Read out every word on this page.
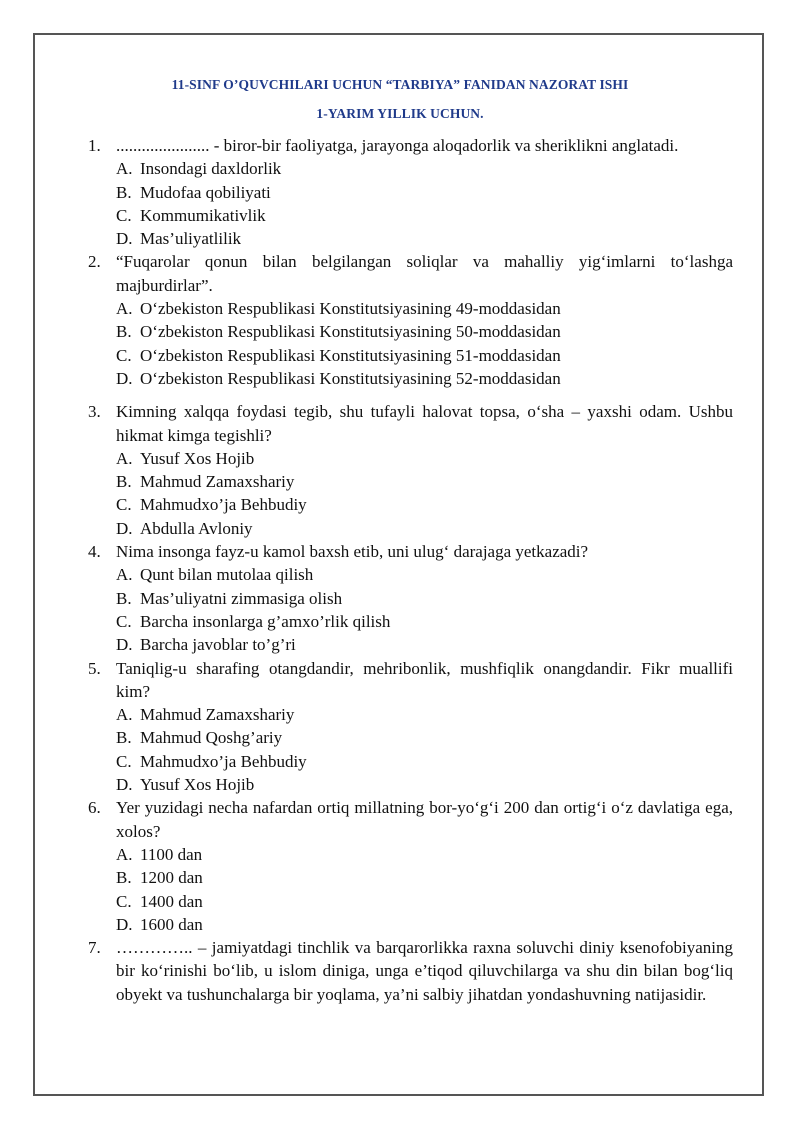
11-SINF O’QUVCHILARI UCHUN “TARBIYA” FANIDAN NAZORAT ISHI
1-YARIM YILLIK UCHUN.
1. ...................... - biror-bir faoliyatga, jarayonga aloqadorlik va sheriklikni anglatadi.
A. Insondagi daxldorlik
B. Mudofaa qobiliyati
C. Kommumikativlik
D. Mas’uliyatlilik
2. “Fuqarolar qonun bilan belgilangan soliqlar va mahalliy yig‘imlarni to‘lashga majburdirlar”.
A. O‘zbekiston Respublikasi Konstitutsiyasining 49-moddasidan
B. O‘zbekiston Respublikasi Konstitutsiyasining 50-moddasidan
C. O‘zbekiston Respublikasi Konstitutsiyasining 51-moddasidan
D. O‘zbekiston Respublikasi Konstitutsiyasining 52-moddasidan
3. Kimning xalqqa foydasi tegib, shu tufayli halovat topsa, o‘sha – yaxshi odam. Ushbu hikmat kimga tegishli?
A. Yusuf Xos Hojib
B. Mahmud Zamaxshariy
C. Mahmudxo’ja Behbudiy
D. Abdulla Avloniy
4. Nima insonga fayz-u kamol baxsh etib, uni ulug‘ darajaga yetkazadi?
A. Qunt bilan mutolaa qilish
B. Mas’uliyatni zimmasiga olish
C. Barcha insonlarga g’amxo’rlik qilish
D. Barcha javoblar to’g’ri
5. Taniqlig-u sharafing otangdandir, mehribonlik, mushfiqlik onangdandir. Fikr muallifi kim?
A. Mahmud Zamaxshariy
B. Mahmud Qoshg’ariy
C. Mahmudxo’ja Behbudiy
D. Yusuf Xos Hojib
6. Yer yuzidagi necha nafardan ortiq millatning bor-yo‘g‘i 200 dan ortig‘i o‘z davlatiga ega, xolos?
A. 1100 dan
B. 1200 dan
C. 1400 dan
D. 1600 dan
7. ………….. – jamiyatdagi tinchlik va barqarorlikka raxna soluvchi diniy ksenofobiyaning bir ko‘rinishi bo‘lib, u islom diniga, unga e’tiqod qiluvchilarga va shu din bilan bog‘liq obyekt va tushunchalarga bir yoqlama, ya’ni salbiy jihatdan yondashuvning natijasidir.
